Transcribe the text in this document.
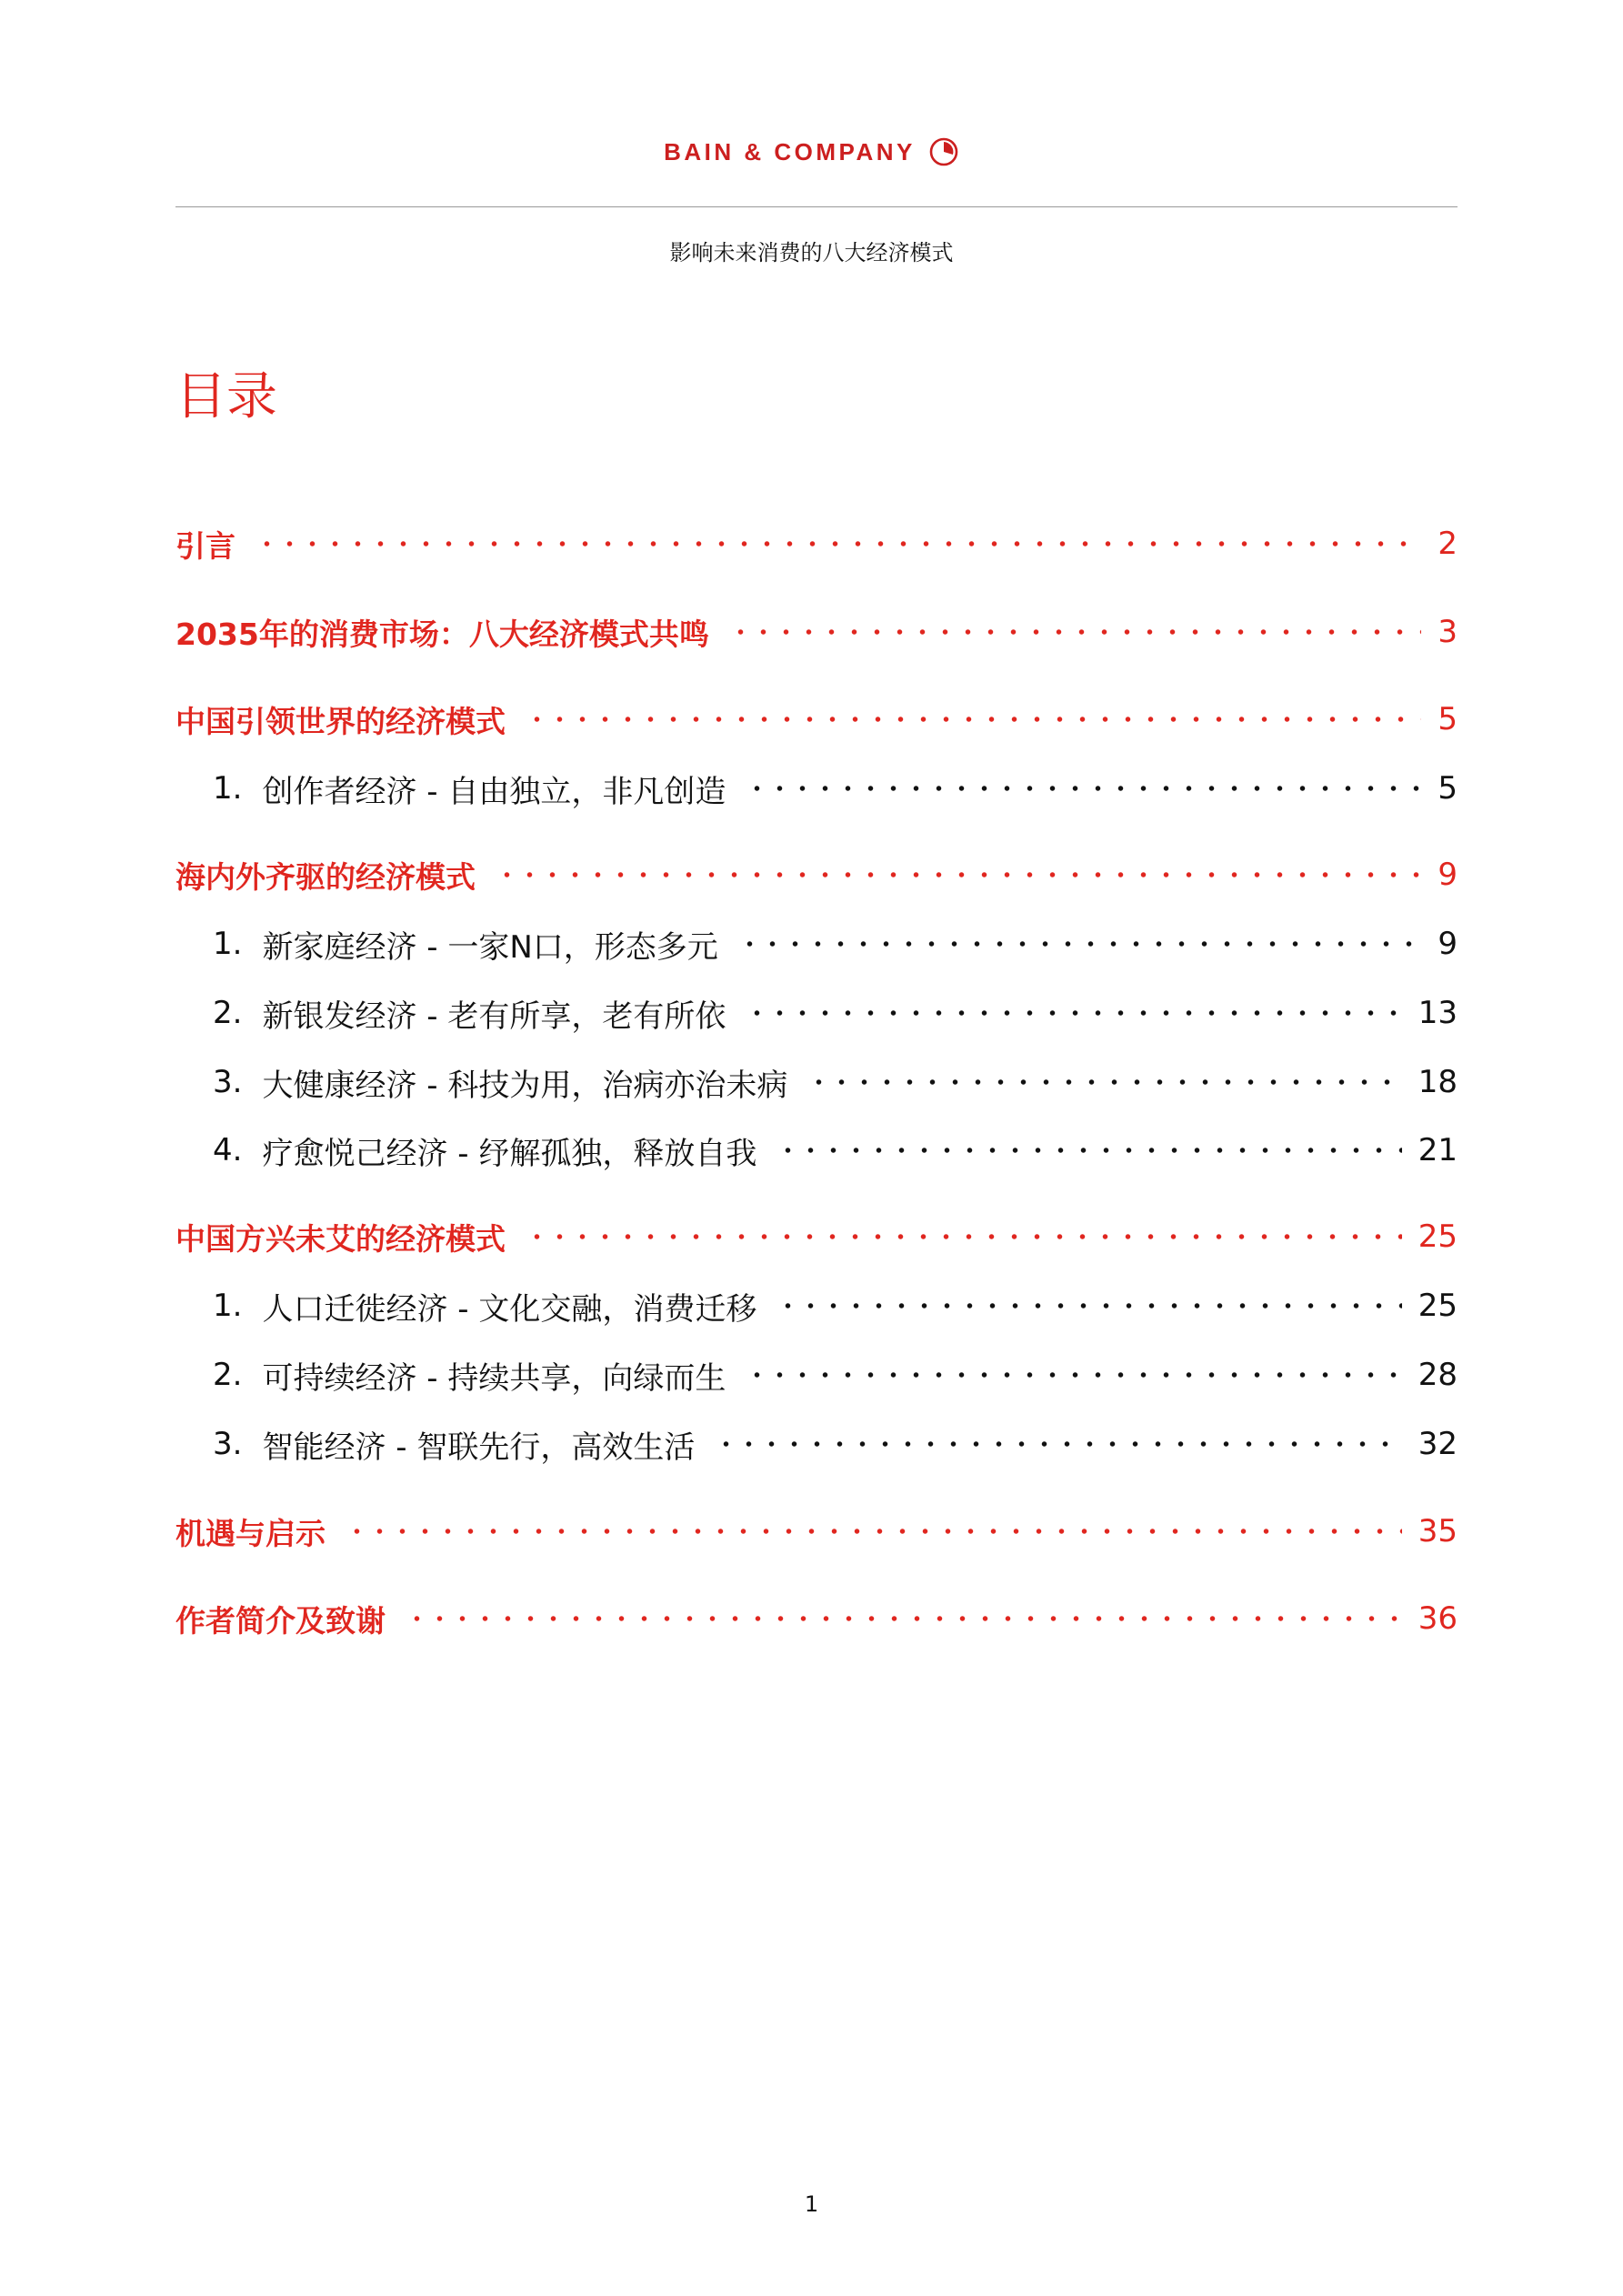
BAIN & COMPANY
影响未来消费的八大经济模式
目录
引言	2
2035年的消费市场：八大经济模式共鸣	3
中国引领世界的经济模式	5
1. 创作者经济 - 自由独立，非凡创造	5
海内外齐驱的经济模式	9
1. 新家庭经济 - 一家N口，形态多元	9
2. 新银发经济 - 老有所享，老有所依	13
3. 大健康经济 - 科技为用，治病亦治未病	18
4. 疗愈悦己经济 - 纾解孤独，释放自我	21
中国方兴未艾的经济模式	25
1. 人口迁徙经济 - 文化交融，消费迁移	25
2. 可持续经济 - 持续共享，向绿而生	28
3. 智能经济 - 智联先行，高效生活	32
机遇与启示	35
作者简介及致谢	36
1
